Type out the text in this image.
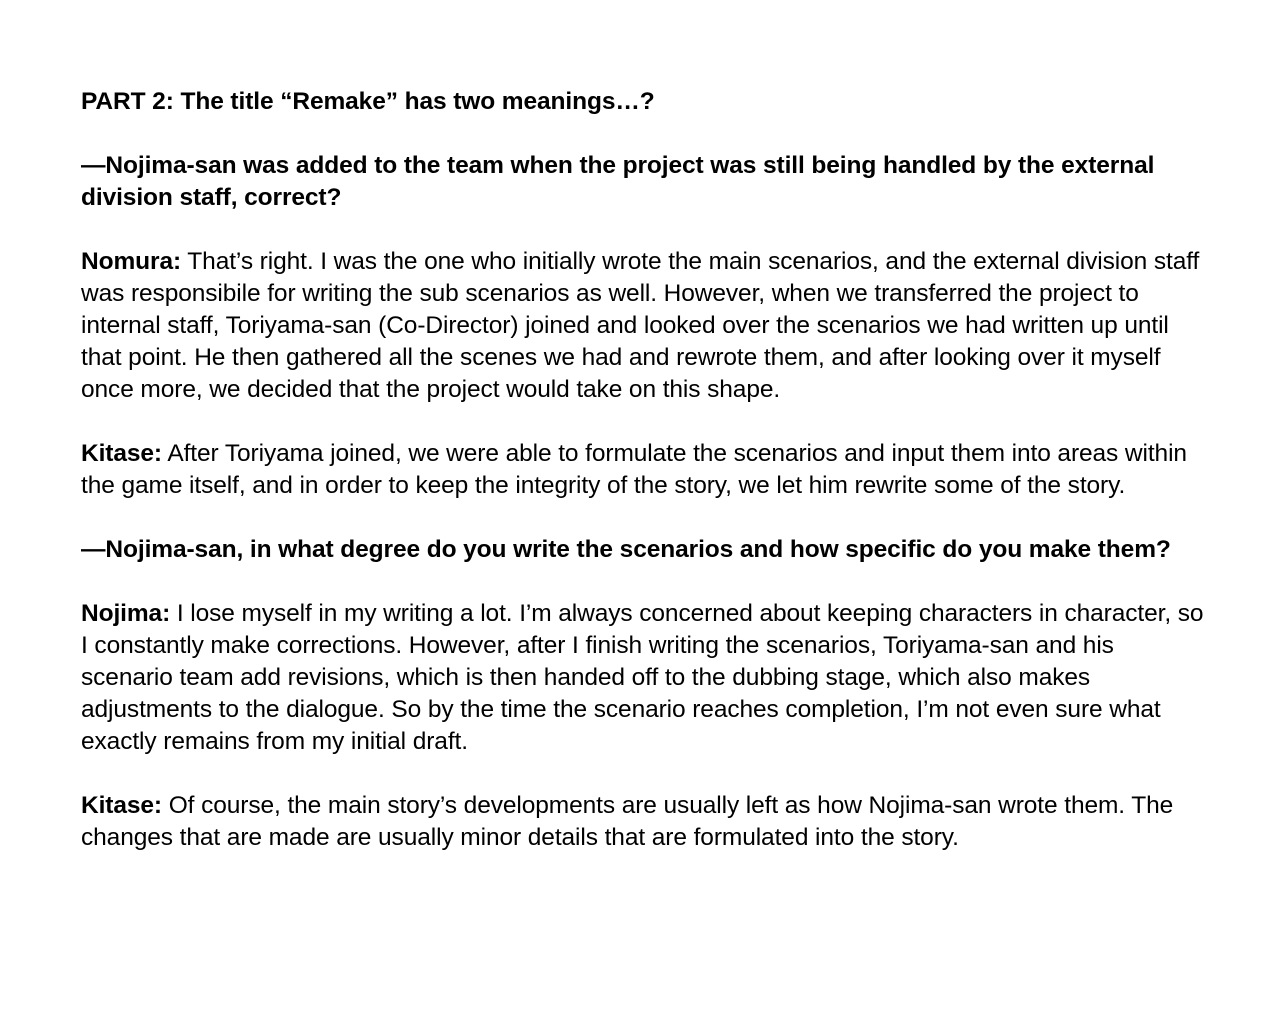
PART 2: The title “Remake” has two meanings…?

—Nojima-san was added to the team when the project was still being handled by the external division staff, correct?

Nomura: That’s right. I was the one who initially wrote the main scenarios, and the external division staff was responsibile for writing the sub scenarios as well. However, when we transferred the project to internal staff, Toriyama-san (Co-Director) joined and looked over the scenarios we had written up until that point. He then gathered all the scenes we had and rewrote them, and after looking over it myself once more, we decided that the project would take on this shape.

Kitase: After Toriyama joined, we were able to formulate the scenarios and input them into areas within the game itself, and in order to keep the integrity of the story, we let him rewrite some of the story.

—Nojima-san, in what degree do you write the scenarios and how specific do you make them?

Nojima: I lose myself in my writing a lot. I’m always concerned about keeping characters in character, so I constantly make corrections. However, after I finish writing the scenarios, Toriyama-san and his scenario team add revisions, which is then handed off to the dubbing stage, which also makes adjustments to the dialogue. So by the time the scenario reaches completion, I’m not even sure what exactly remains from my initial draft.

Kitase: Of course, the main story’s developments are usually left as how Nojima-san wrote them. The changes that are made are usually minor details that are formulated into the story.
